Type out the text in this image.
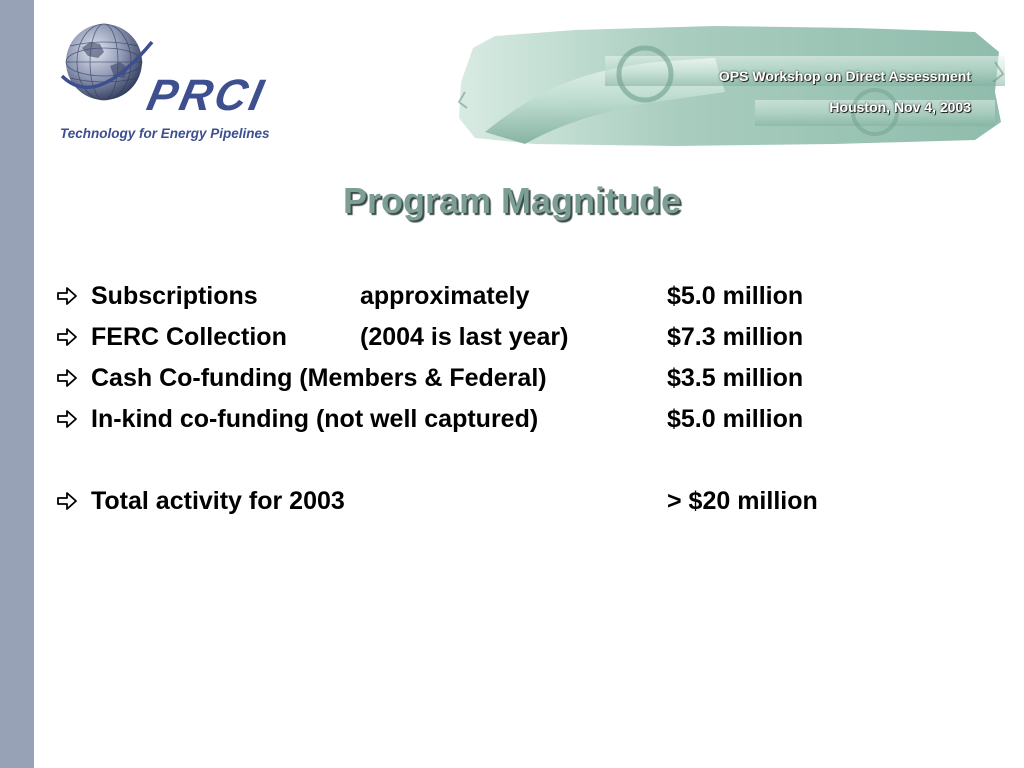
PRCI
Technology for Energy Pipelines
OPS Workshop on Direct Assessment
Houston, Nov 4, 2003
Program Magnitude
Subscriptions	approximately	$5.0 million
FERC Collection	(2004 is last year)	$7.3 million
Cash Co-funding (Members & Federal)	$3.5 million
In-kind co-funding (not well captured)	$5.0 million
Total activity for 2003	> $20 million
